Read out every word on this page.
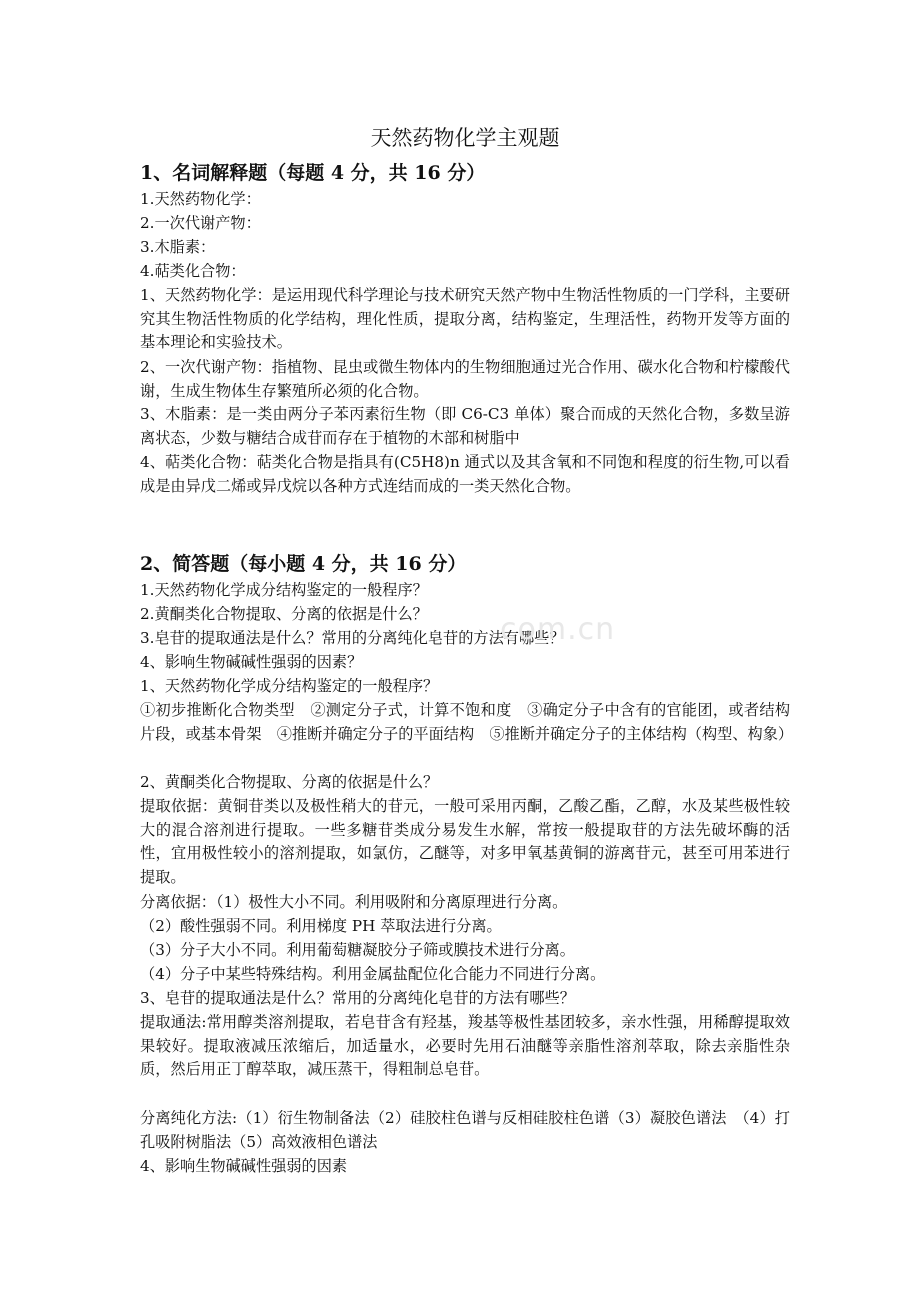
天然药物化学主观题
1、名词解释题（每题 4 分，共 16 分）

1.天然药物化学：

2.一次代谢产物：

3.木脂素：

4.萜类化合物：

1、天然药物化学：是运用现代科学理论与技术研究天然产物中生物活性物质的一门学科，主要研究其生物活性物质的化学结构，理化性质，提取分离，结构鉴定，生理活性，药物开发等方面的基本理论和实验技术。

2、一次代谢产物：指植物、昆虫或微生物体内的生物细胞通过光合作用、碳水化合物和柠檬酸代谢，生成生物体生存繁殖所必须的化合物。

3、木脂素：是一类由两分子苯丙素衍生物（即 C6-C3 单体）聚合而成的天然化合物，多数呈游离状态，少数与糖结合成苷而存在于植物的木部和树脂中

4、萜类化合物：萜类化合物是指具有(C5H8)n 通式以及其含氧和不同饱和程度的衍生物,可以看成是由异戊二烯或异戊烷以各种方式连结而成的一类天然化合物。

2、简答题（每小题 4 分，共 16 分）

1.天然药物化学成分结构鉴定的一般程序？

2.黄酮类化合物提取、分离的依据是什么？

3.皂苷的提取通法是什么？常用的分离纯化皂苷的方法有哪些？

4、影响生物碱碱性强弱的因素？

1、天然药物化学成分结构鉴定的一般程序？

①初步推断化合物类型　②测定分子式，计算不饱和度　③确定分子中含有的官能团，或者结构片段，或基本骨架　④推断并确定分子的平面结构　⑤推断并确定分子的主体结构（构型、构象）

2、黄酮类化合物提取、分离的依据是什么？

提取依据：黄铜苷类以及极性稍大的苷元，一般可采用丙酮，乙酸乙酯，乙醇，水及某些极性较大的混合溶剂进行提取。一些多糖苷类成分易发生水解，常按一般提取苷的方法先破坏酶的活性，宜用极性较小的溶剂提取，如氯仿，乙醚等，对多甲氧基黄铜的游离苷元，甚至可用苯进行提取。

分离依据：（1）极性大小不同。利用吸附和分离原理进行分离。

（2）酸性强弱不同。利用梯度 PH 萃取法进行分离。

（3）分子大小不同。利用葡萄糖凝胶分子筛或膜技术进行分离。

（4）分子中某些特殊结构。利用金属盐配位化合能力不同进行分离。

3、皂苷的提取通法是什么？常用的分离纯化皂苷的方法有哪些？

提取通法:常用醇类溶剂提取，若皂苷含有羟基，羧基等极性基团较多，亲水性强，用稀醇提取效果较好。提取液减压浓缩后，加适量水，必要时先用石油醚等亲脂性溶剂萃取，除去亲脂性杂质，然后用正丁醇萃取，减压蒸干，得粗制总皂苷。

分离纯化方法:（1）衍生物制备法（2）硅胶柱色谱与反相硅胶柱色谱（3）凝胶色谱法　（4）打孔吸附树脂法（5）高效液相色谱法

4、影响生物碱碱性强弱的因素

com.cn
